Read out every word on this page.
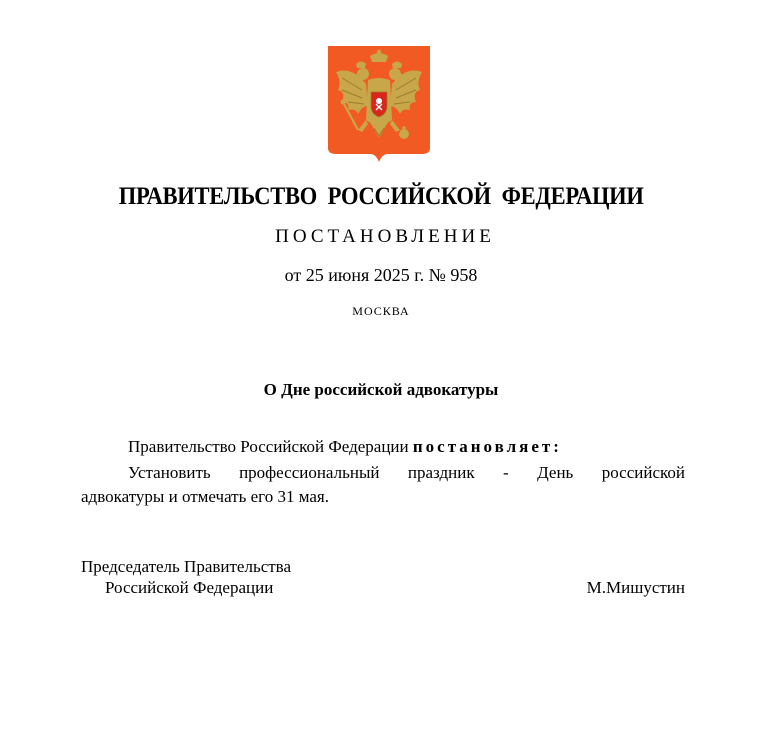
ПРАВИТЕЛЬСТВО РОССИЙСКОЙ ФЕДЕРАЦИИ
ПОСТАНОВЛЕНИЕ
от 25 июня 2025 г. № 958
МОСКВА
О Дне российской адвокатуры
Правительство Российской Федерации постановляет:
Установить профессиональный праздник - День российской
адвокатуры и отмечать его 31 мая.
Председатель Правительства
Российской Федерации	М.Мишустин
